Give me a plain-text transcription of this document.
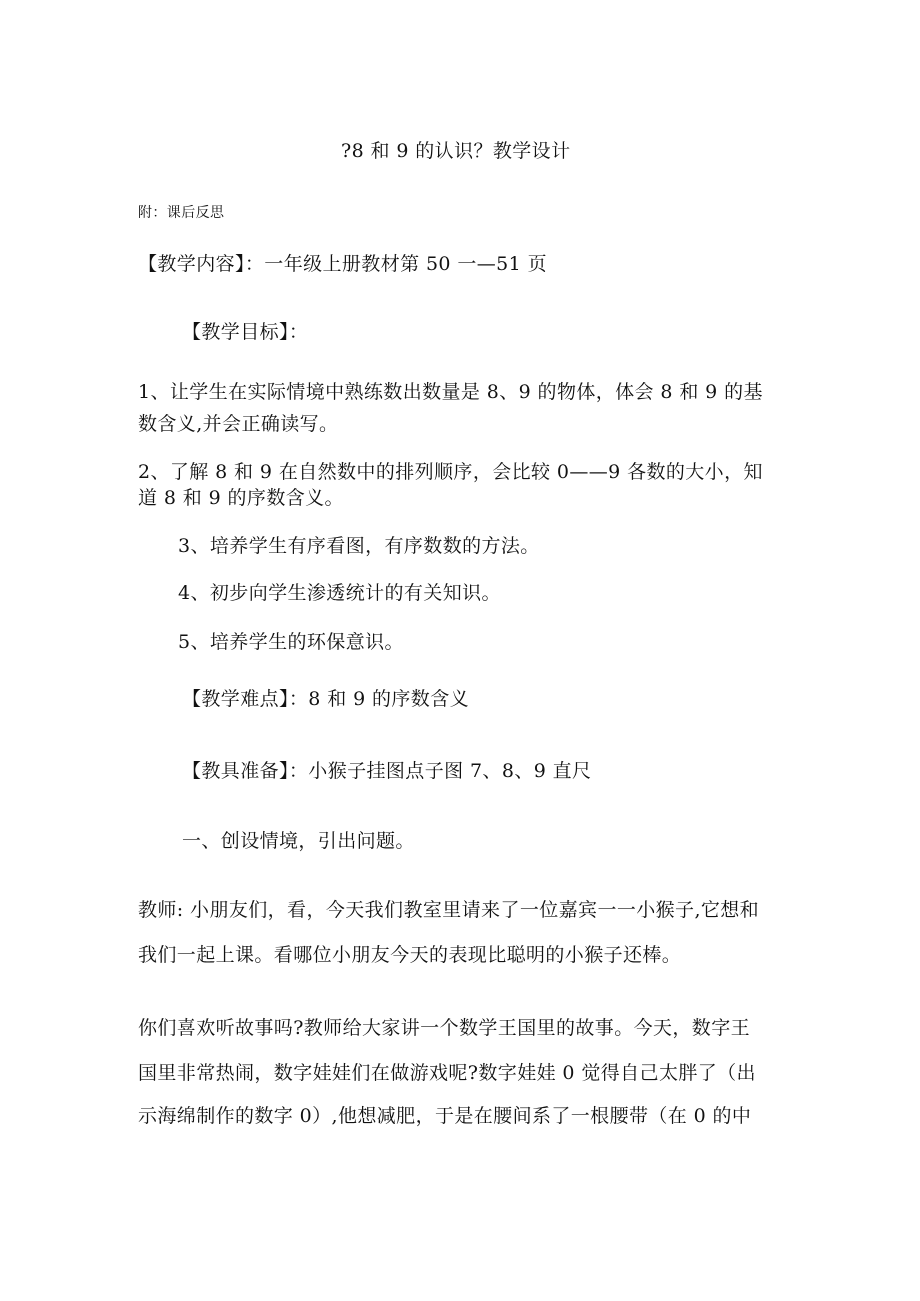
?8 和 9 的认识？教学设计
附：课后反思
【教学内容】：一年级上册教材第 50 一—51 页
【教学目标】：
1、让学生在实际情境中熟练数出数量是 8、9 的物体，体会 8 和 9 的基
数含义,并会正确读写。
2、了解 8 和 9 在自然数中的排列顺序，会比较 0——9 各数的大小，知
道 8 和 9 的序数含义。
3、培养学生有序看图，有序数数的方法。
4、初步向学生渗透统计的有关知识。
5、培养学生的环保意识。
【教学难点】：8 和 9 的序数含义
【教具准备】：小猴子挂图点子图 7、8、9 直尺
一、创设情境，引出问题。
教师: 小朋友们，看，今天我们教室里请来了一位嘉宾一一小猴子,它想和
我们一起上课。看哪位小朋友今天的表现比聪明的小猴子还棒。
你们喜欢听故事吗?教师给大家讲一个数学王国里的故事。今天，数字王
国里非常热闹，数字娃娃们在做游戏呢?数字娃娃 0 觉得自己太胖了（出
示海绵制作的数字 0）,他想减肥，于是在腰间系了一根腰带（在 0 的中
